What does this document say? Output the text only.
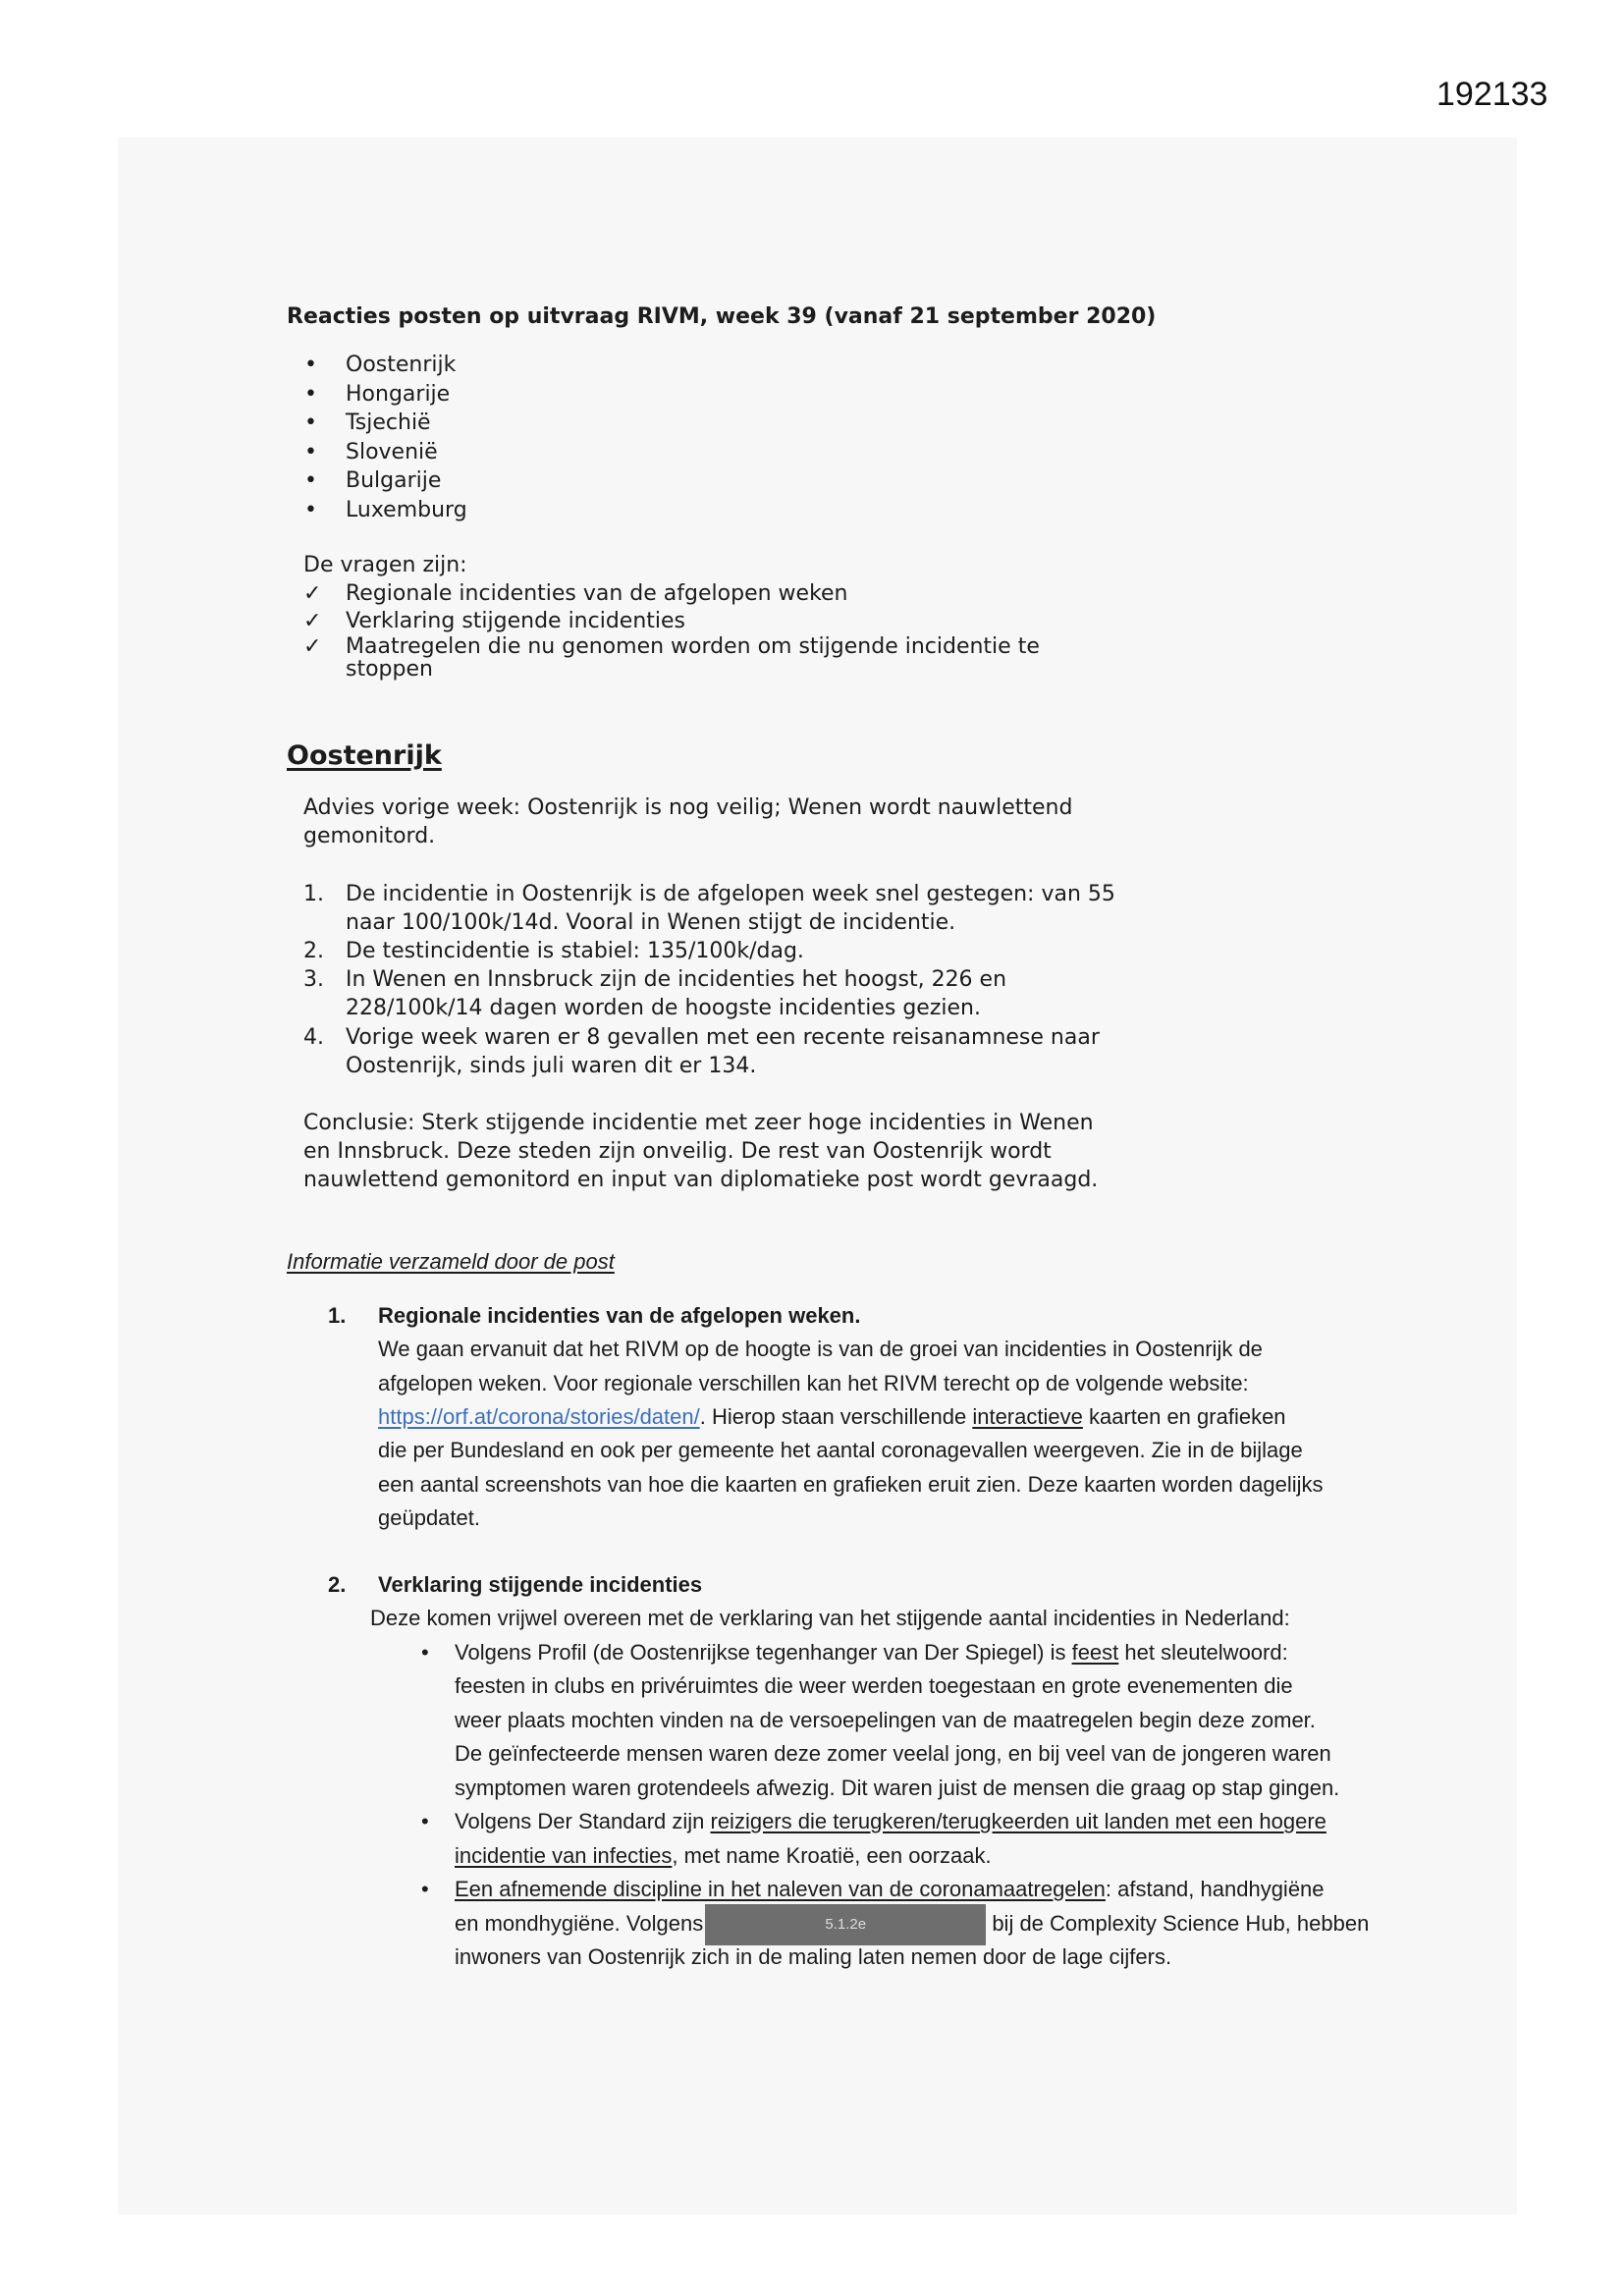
192133
Reacties posten op uitvraag RIVM, week 39 (vanaf 21 september 2020)
•
Oostenrijk
•
Hongarije
•
Tsjechië
•
Slovenië
•
Bulgarije
•
Luxemburg
De vragen zijn:
✓ Regionale incidenties van de afgelopen weken
✓ Verklaring stijgende incidenties
✓ Maatregelen die nu genomen worden om stijgende incidentie te
stoppen
Oostenrijk
Advies vorige week: Oostenrijk is nog veilig; Wenen wordt nauwlettend
gemonitord.
1. De incidentie in Oostenrijk is de afgelopen week snel gestegen: van 55
naar 100/100k/14d. Vooral in Wenen stijgt de incidentie.
2. De testincidentie is stabiel: 135/100k/dag.
3. In Wenen en Innsbruck zijn de incidenties het hoogst, 226 en
228/100k/14 dagen worden de hoogste incidenties gezien.
4. Vorige week waren er 8 gevallen met een recente reisanamnese naar
Oostenrijk, sinds juli waren dit er 134.
Conclusie: Sterk stijgende incidentie met zeer hoge incidenties in Wenen
en Innsbruck. Deze steden zijn onveilig. De rest van Oostenrijk wordt
nauwlettend gemonitord en input van diplomatieke post wordt gevraagd.
Informatie verzameld door de post
1. Regionale incidenties van de afgelopen weken.
We gaan ervanuit dat het RIVM op de hoogte is van de groei van incidenties in Oostenrijk de
afgelopen weken. Voor regionale verschillen kan het RIVM terecht op de volgende website:
https://orf.at/corona/stories/daten/. Hierop staan verschillende interactieve kaarten en grafieken
die per Bundesland en ook per gemeente het aantal coronagevallen weergeven. Zie in de bijlage
een aantal screenshots van hoe die kaarten en grafieken eruit zien. Deze kaarten worden dagelijks
geüpdatet.
2. Verklaring stijgende incidenties
Deze komen vrijwel overeen met de verklaring van het stijgende aantal incidenties in Nederland:
•
Volgens Profil (de Oostenrijkse tegenhanger van Der Spiegel) is feest het sleutelwoord:
feesten in clubs en privéruimtes die weer werden toegestaan en grote evenementen die
weer plaats mochten vinden na de versoepelingen van de maatregelen begin deze zomer.
De geïnfecteerde mensen waren deze zomer veelal jong, en bij veel van de jongeren waren
symptomen waren grotendeels afwezig. Dit waren juist de mensen die graag op stap gingen.
•
Volgens Der Standard zijn reizigers die terugkeren/terugkeerden uit landen met een hogere
incidentie van infecties, met name Kroatië, een oorzaak.
•
Een afnemende discipline in het naleven van de coronamaatregelen: afstand, handhygiëne
en mondhygiëne. Volgens	5.1.2e	bij de Complexity Science Hub, hebben
inwoners van Oostenrijk zich in de maling laten nemen door de lage cijfers.
